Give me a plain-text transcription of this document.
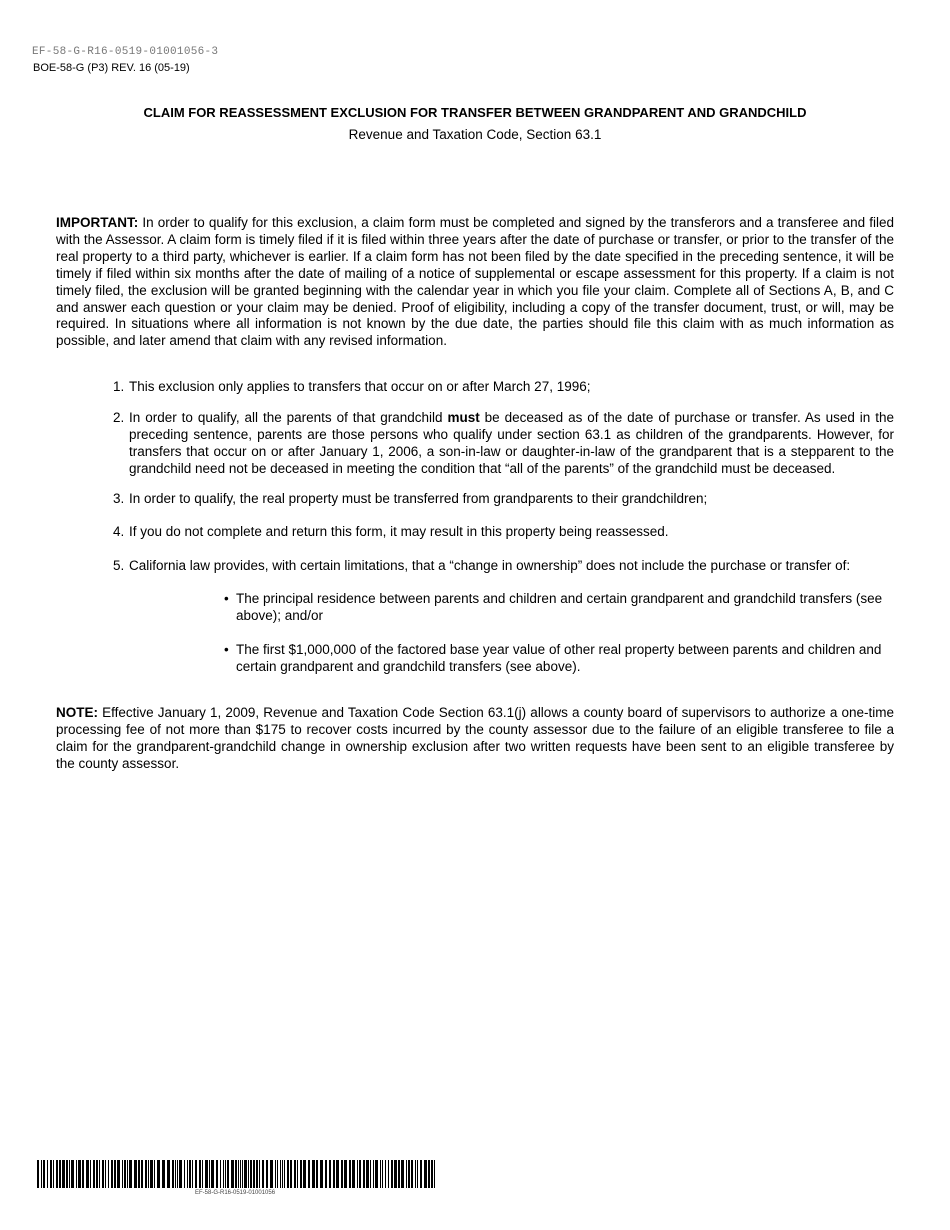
EF-58-G-R16-0519-01001056-3
BOE-58-G (P3) REV. 16 (05-19)
CLAIM FOR REASSESSMENT EXCLUSION FOR TRANSFER BETWEEN GRANDPARENT AND GRANDCHILD
Revenue and Taxation Code, Section 63.1

IMPORTANT: In order to qualify for this exclusion, a claim form must be completed and signed by the transferors and a transferee and filed with the Assessor. A claim form is timely filed if it is filed within three years after the date of purchase or transfer, or prior to the transfer of the real property to a third party, whichever is earlier. If a claim form has not been filed by the date specified in the preceding sentence, it will be timely if filed within six months after the date of mailing of a notice of supplemental or escape assessment for this property. If a claim is not timely filed, the exclusion will be granted beginning with the calendar year in which you file your claim. Complete all of Sections A, B, and C and answer each question or your claim may be denied. Proof of eligibility, including a copy of the transfer document, trust, or will, may be required. In situations where all information is not known by the due date, the parties should file this claim with as much information as possible, and later amend that claim with any revised information.

1. This exclusion only applies to transfers that occur on or after March 27, 1996;
2. In order to qualify, all the parents of that grandchild must be deceased as of the date of purchase or transfer. As used in the preceding sentence, parents are those persons who qualify under section 63.1 as children of the grandparents. However, for transfers that occur on or after January 1, 2006, a son-in-law or daughter-in-law of the grandparent that is a stepparent to the grandchild need not be deceased in meeting the condition that “all of the parents” of the grandchild must be deceased.
3. In order to qualify, the real property must be transferred from grandparents to their grandchildren;
4. If you do not complete and return this form, it may result in this property being reassessed.
5. California law provides, with certain limitations, that a “change in ownership” does not include the purchase or transfer of:
• The principal residence between parents and children and certain grandparent and grandchild transfers (see above); and/or
• The first $1,000,000 of the factored base year value of other real property between parents and children and certain grandparent and grandchild transfers (see above).

NOTE: Effective January 1, 2009, Revenue and Taxation Code Section 63.1(j) allows a county board of supervisors to authorize a one-time processing fee of not more than $175 to recover costs incurred by the county assessor due to the failure of an eligible transferee to file a claim for the grandparent-grandchild change in ownership exclusion after two written requests have been sent to an eligible transferee by the county assessor.

EF-58-G-R16-0519-01001056
